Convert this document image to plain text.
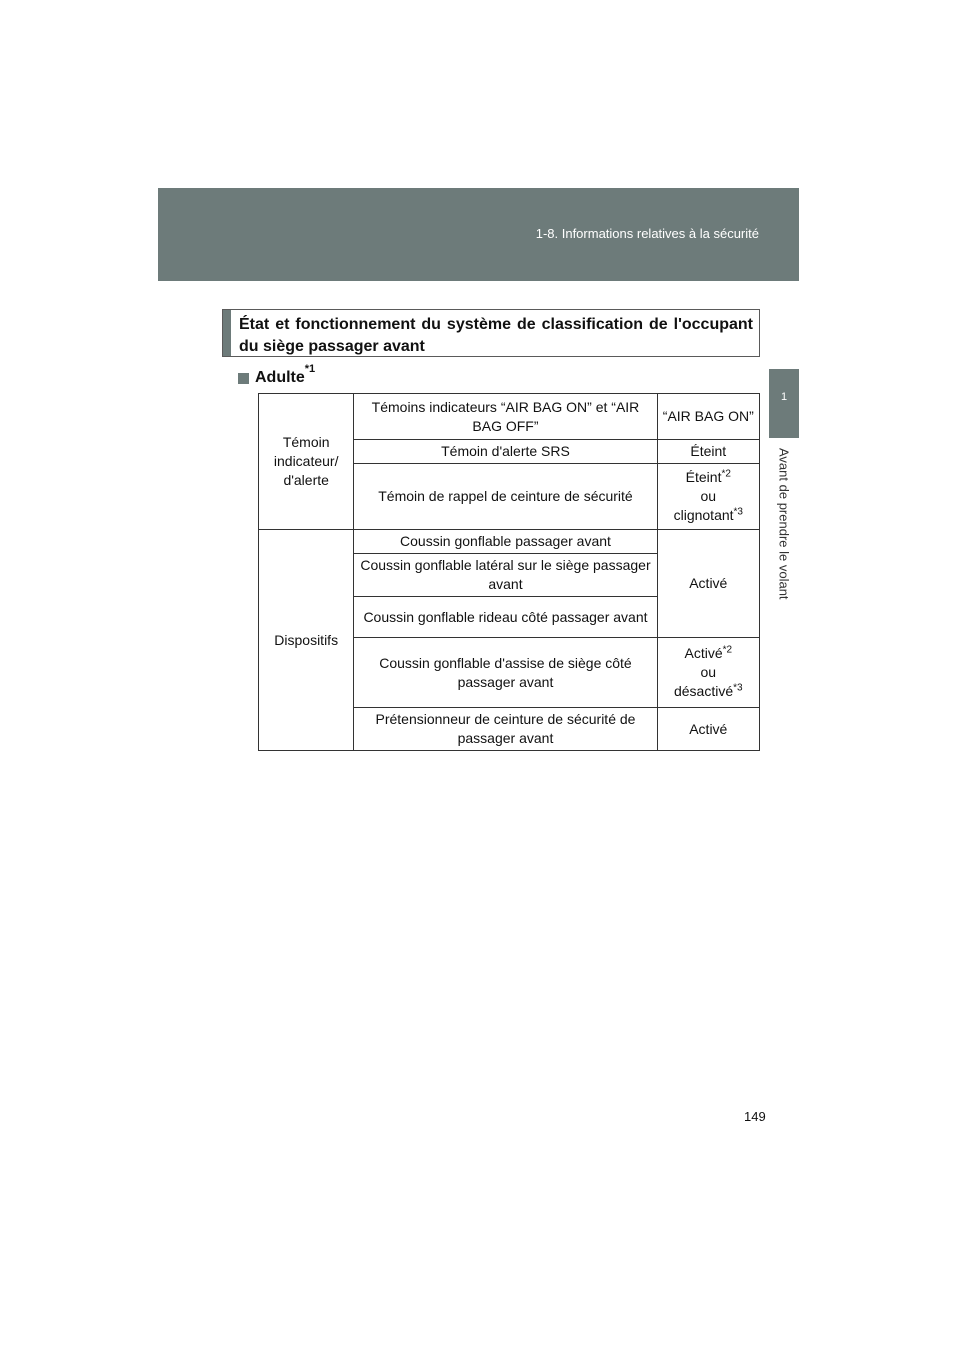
1-8. Informations relatives à la sécurité
1
Avant de prendre le volant
État et fonctionnement du système de classification de l'occupant du siège passager avant
Adulte *1
Témoin indicateur/ d'alerte	Témoins indicateurs “AIR BAG ON” et “AIR BAG OFF”	“AIR BAG ON”
	Témoin d'alerte SRS	Éteint
	Témoin de rappel de ceinture de sécurité	Éteint$^{*2}$
ou
clignotant$^{*3}$
Dispositifs	Coussin gonflable passager avant	Activé
	Coussin gonflable latéral sur le siège passager avant	
	Coussin gonflable rideau côté passager avant	
	Coussin gonflable d'assise de siège côté passager avant	Activé$^{*2}$
ou
désactivé$^{*3}$
	Prétensionneur de ceinture de sécurité de passager avant	Activé
149
